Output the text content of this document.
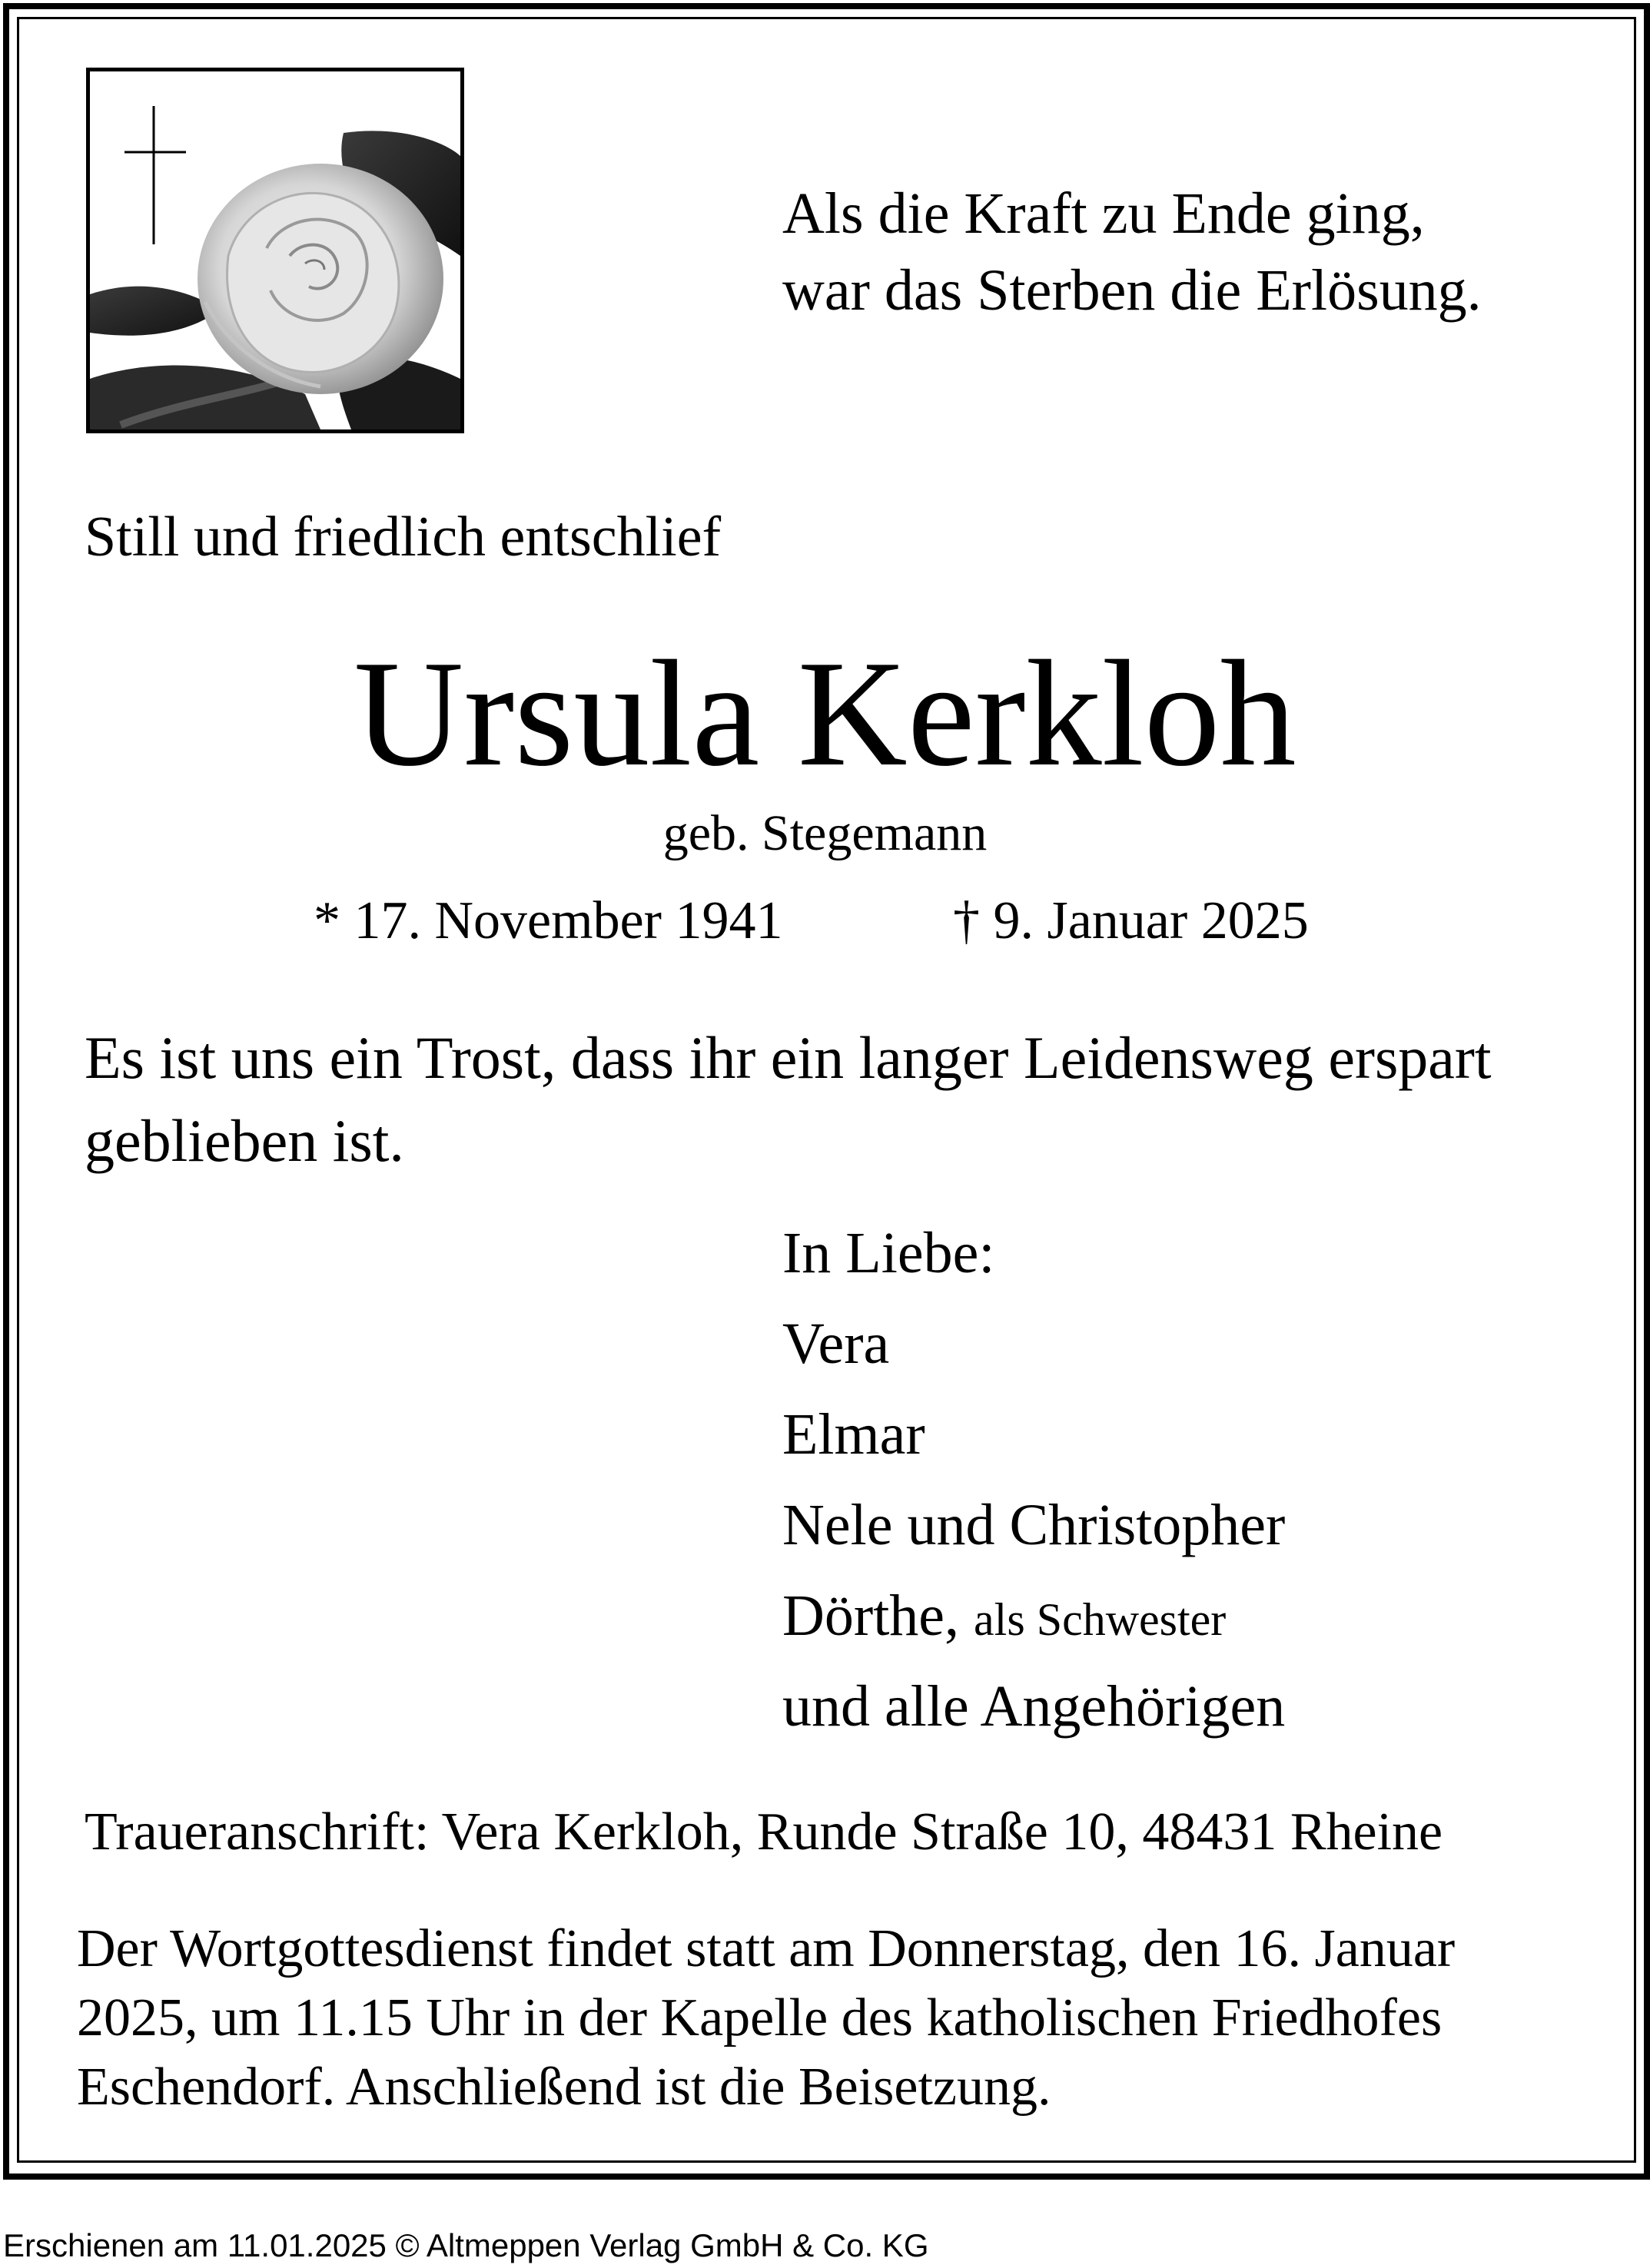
Als die Kraft zu Ende ging,
war das Sterben die Erlösung.
Still und friedlich entschlief
Ursula Kerkloh
geb. Stegemann
* 17. November 1941	† 9. Januar 2025
Es ist uns ein Trost, dass ihr ein langer Leidensweg erspart
geblieben ist.
In Liebe:
Vera
Elmar
Nele und Christopher
Dörthe, als Schwester
und alle Angehörigen
Traueranschrift: Vera Kerkloh, Runde Straße 10, 48431 Rheine
Der Wortgottesdienst findet statt am Donnerstag, den 16. Januar
2025, um 11.15 Uhr in der Kapelle des katholischen Friedhofes
Eschendorf. Anschließend ist die Beisetzung.
Erschienen am 11.01.2025 © Altmeppen Verlag GmbH & Co. KG
